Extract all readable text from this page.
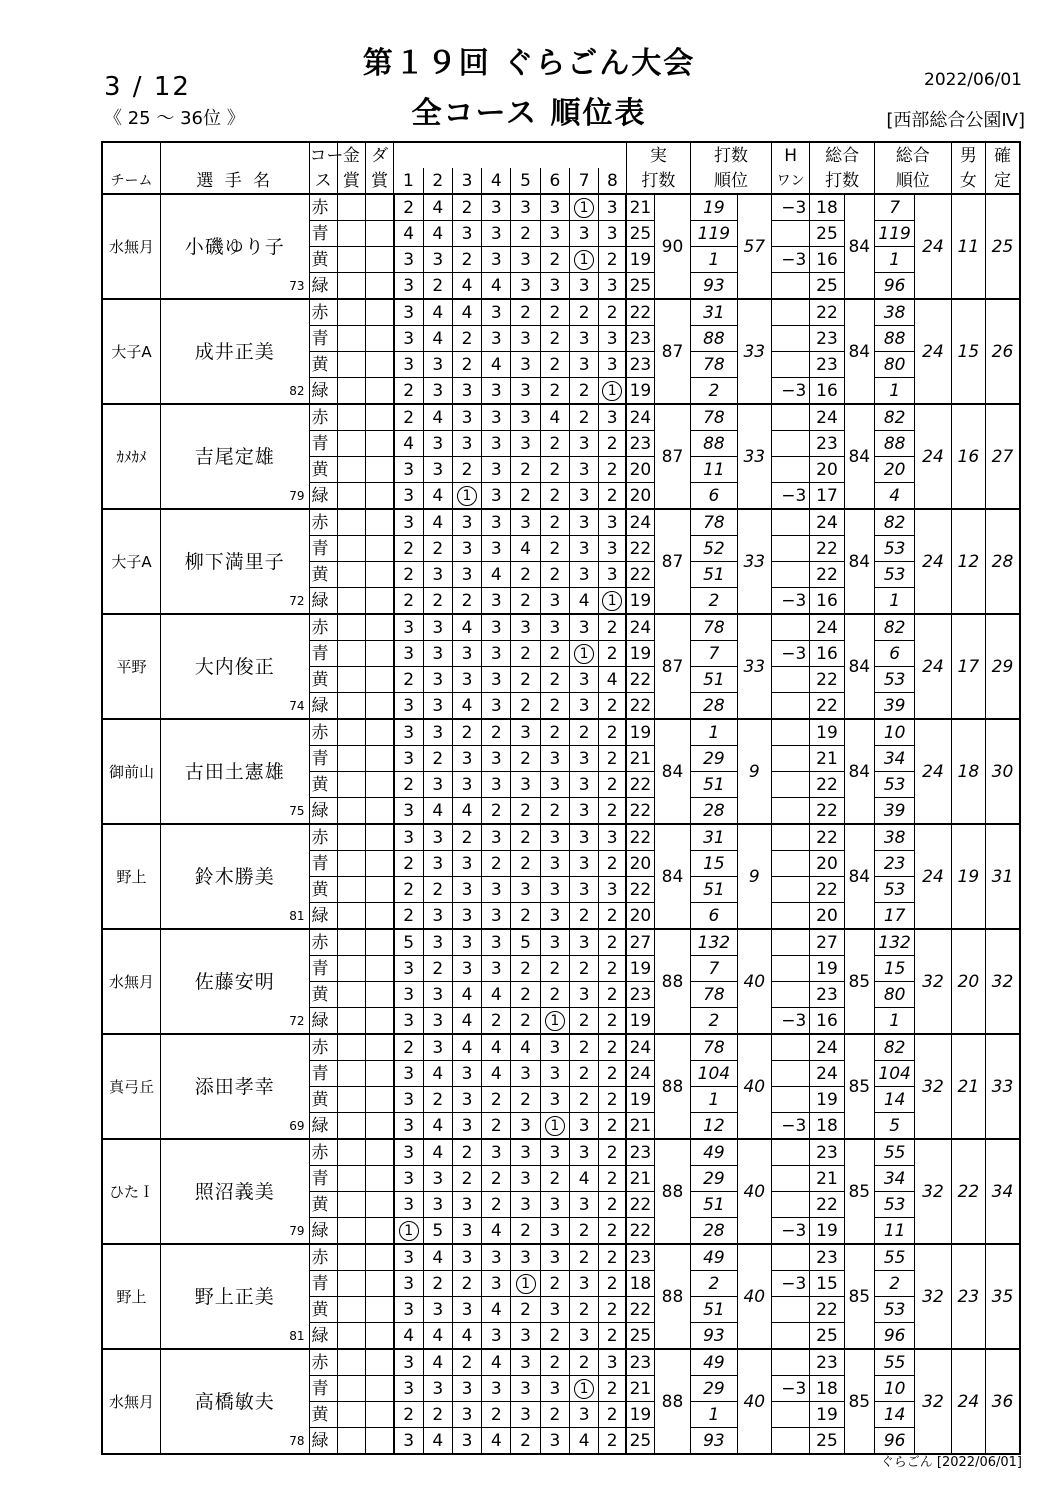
第１９回 ぐらごん大会
全コース 順位表
3 / 12
《 25 ～ 36位 》
2022/06/01
[西部総合公園Ⅳ]
		コー	金	ダ									実		打数		H	総合		総合		男	確
チーム	選 手 名	ス	賞	賞	1	2	3	4	5	6	7	8	打数		順位		ワン	打数		順位		女	定
水無月	小磯ゆり子
73	赤			2	4	2	3	3	3	1	3	21	90	19	57	−3	18	84	7	24	11	25
		青			4	4	3	3	2	3	3	3	25		119			25		119			
		黄			3	3	2	3	3	2	1	2	19		1		−3	16		1			
		緑			3	2	4	4	3	3	3	3	25		93			25		96			
大子A	成井正美
82	赤			3	4	4	3	2	2	2	2	22	87	31	33		22	84	38	24	15	26
		青			3	4	2	3	3	2	3	3	23		88			23		88			
		黄			3	3	2	4	3	2	3	3	23		78			23		80			
		緑			2	3	3	3	3	2	2	1	19		2		−3	16		1			
ｶﾒｶﾒ	吉尾定雄
79	赤			2	4	3	3	3	4	2	3	24	87	78	33		24	84	82	24	16	27
		青			4	3	3	3	3	2	3	2	23		88			23		88			
		黄			3	3	2	3	2	2	3	2	20		11			20		20			
		緑			3	4	1	3	2	2	3	2	20		6		−3	17		4			
大子A	柳下満里子
72	赤			3	4	3	3	3	2	3	3	24	87	78	33		24	84	82	24	12	28
		青			2	2	3	3	4	2	3	3	22		52			22		53			
		黄			2	3	3	4	2	2	3	3	22		51			22		53			
		緑			2	2	2	3	2	3	4	1	19		2		−3	16		1			
平野	大内俊正
74	赤			3	3	4	3	3	3	3	2	24	87	78	33		24	84	82	24	17	29
		青			3	3	3	3	2	2	1	2	19		7		−3	16		6			
		黄			2	3	3	3	2	2	3	4	22		51			22		53			
		緑			3	3	4	3	2	2	3	2	22		28			22		39			
御前山	古田土憲雄
75	赤			3	3	2	2	3	2	2	2	19	84	1	9		19	84	10	24	18	30
		青			3	2	3	3	2	3	3	2	21		29			21		34			
		黄			2	3	3	3	3	3	3	2	22		51			22		53			
		緑			3	4	4	2	2	2	3	2	22		28			22		39			
野上	鈴木勝美
81	赤			3	3	2	3	2	3	3	3	22	84	31	9		22	84	38	24	19	31
		青			2	3	3	2	2	3	3	2	20		15			20		23			
		黄			2	2	3	3	3	3	3	3	22		51			22		53			
		緑			2	3	3	3	2	3	2	2	20		6			20		17			
水無月	佐藤安明
72	赤			5	3	3	3	5	3	3	2	27	88	132	40		27	85	132	32	20	32
		青			3	2	3	3	2	2	2	2	19		7			19		15			
		黄			3	3	4	4	2	2	3	2	23		78			23		80			
		緑			3	3	4	2	2	1	2	2	19		2		−3	16		1			
真弓丘	添田孝幸
69	赤			2	3	4	4	4	3	2	2	24	88	78	40		24	85	82	32	21	33
		青			3	4	3	4	3	3	2	2	24		104			24		104			
		黄			3	2	3	2	2	3	2	2	19		1			19		14			
		緑			3	4	3	2	3	1	3	2	21		12		−3	18		5			
ひたＩ	照沼義美
79	赤			3	4	2	3	3	3	3	2	23	88	49	40		23	85	55	32	22	34
		青			3	3	2	2	3	2	4	2	21		29			21		34			
		黄			3	3	3	2	3	3	3	2	22		51			22		53			
		緑			1	5	3	4	2	3	2	2	22		28		−3	19		11			
野上	野上正美
81	赤			3	4	3	3	3	3	2	2	23	88	49	40		23	85	55	32	23	35
		青			3	2	2	3	1	2	3	2	18		2		−3	15		2			
		黄			3	3	3	4	2	3	2	2	22		51			22		53			
		緑			4	4	4	3	3	2	3	2	25		93			25		96			
水無月	高橋敏夫
78	赤			3	4	2	4	3	2	2	3	23	88	49	40		23	85	55	32	24	36
		青			3	3	3	3	3	3	1	2	21		29		−3	18		10			
		黄			2	2	3	2	3	2	3	2	19		1			19		14			
		緑			3	4	3	4	2	3	4	2	25		93			25		96			
ぐらごん [2022/06/01]
